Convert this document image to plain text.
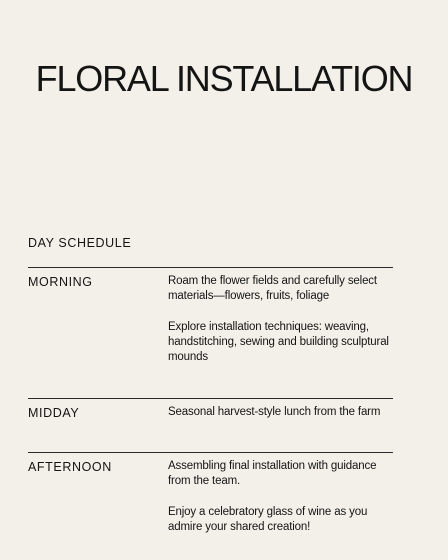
FLORAL INSTALLATION
DAY SCHEDULE
MORNING	Roam the flower fields and carefully select materials—flowers, fruits, foliage

Explore installation techniques: weaving, handstitching, sewing and building sculptural mounds

MIDDAY	Seasonal harvest-style lunch from the farm

AFTERNOON	Assembling final installation with guidance from the team.

Enjoy a celebratory glass of wine as you admire your shared creation!
